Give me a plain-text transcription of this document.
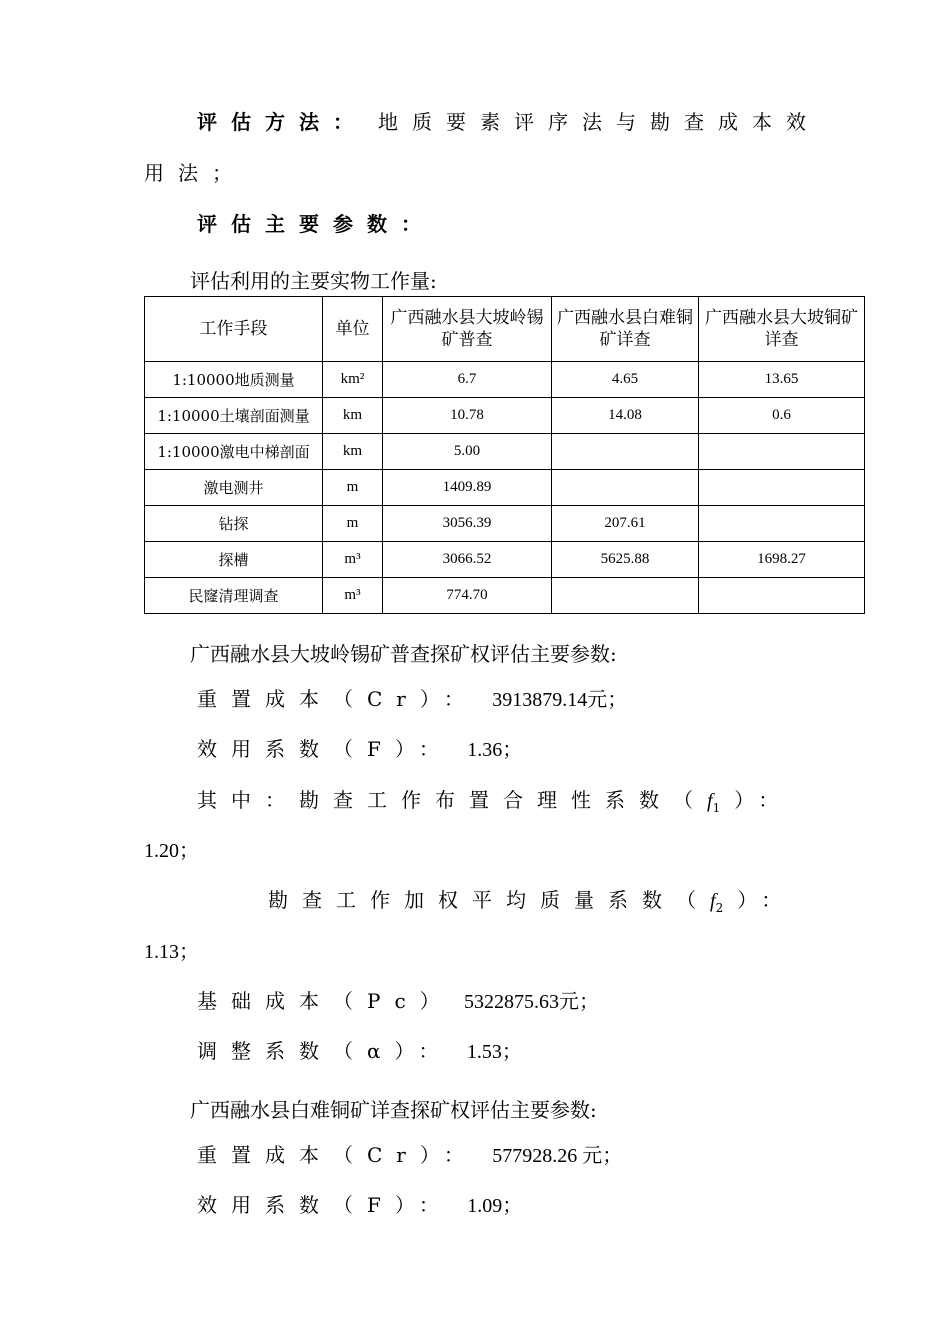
评估方法： 地质要素评序法与勘查成本效
用法；
评估主要参数：
评估利用的主要实物工作量:
工作手段	单位	广西融水县大坡岭锡矿普查	广西融水县白难铜矿详查	广西融水县大坡铜矿详查
1:10000地质测量	km²	6.7	4.65	13.65
1:10000土壤剖面测量	km	10.78	14.08	0.6
1:10000激电中梯剖面	km	5.00		
激电测井	m	1409.89		
钻探	m	3056.39	207.61	
探槽	m³	3066.52	5625.88	1698.27
民窿清理调查	m³	774.70		
广西融水县大坡岭锡矿普查探矿权评估主要参数:
重置成本（Cr）： 3913879.14元；
效用系数（F）： 1.36；
其中：勘查工作布置合理性系数（$f_1$ ）：
1.20；
勘查工作加权平均质量系数（$f_2$ ）：
1.13；
基础成本（Pc） 5322875.63元；
调整系数（α）： 1.53；
广西融水县白难铜矿详查探矿权评估主要参数:
重置成本（Cr）： 577928.26 元；
效用系数（F）： 1.09；
